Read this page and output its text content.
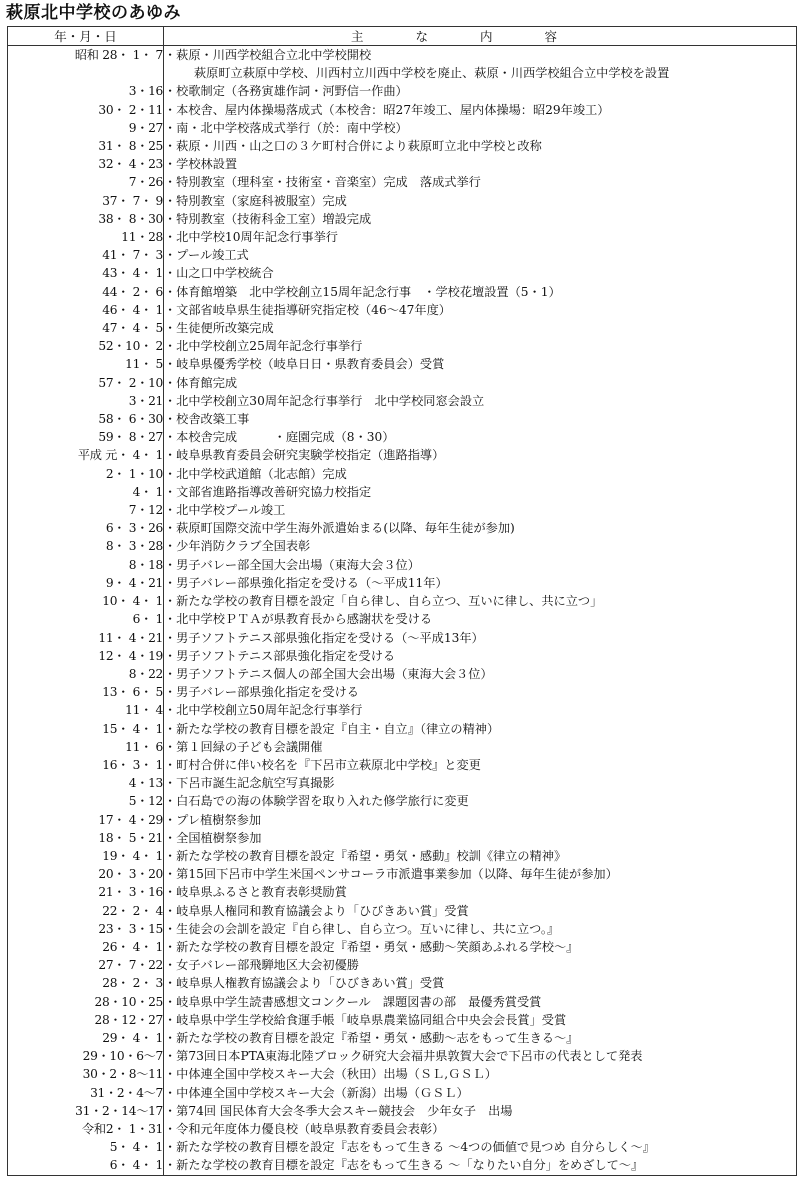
萩原北中学校のあゆみ
年・月・日	主な内容
昭和 28・ 1・ 7	・萩原・川西学校組合立北中学校開校
	萩原町立萩原中学校、川西村立川西中学校を廃止、萩原・川西学校組合立中学校を設置
3・16	・校歌制定（各務寅雄作詞・河野信一作曲）
30・ 2・11	・本校舎、屋内体操場落成式（本校舎：昭27年竣工、屋内体操場：昭29年竣工）
9・27	・南・北中学校落成式挙行（於：南中学校）
31・ 8・25	・萩原・川西・山之口の３ケ町村合併により萩原町立北中学校と改称
32・ 4・23	・学校林設置
7・26	・特別教室（理科室・技術室・音楽室）完成　落成式挙行
37・ 7・ 9	・特別教室（家庭科被服室）完成
38・ 8・30	・特別教室（技術科金工室）増設完成
11・28	・北中学校10周年記念行事挙行
41・ 7・ 3	・プール竣工式
43・ 4・ 1	・山之口中学校統合
44・ 2・ 6	・体育館増築　北中学校創立15周年記念行事　・学校花壇設置（5・1）
46・ 4・ 1	・文部省岐阜県生徒指導研究指定校（46〜47年度）
47・ 4・ 5	・生徒便所改築完成
52・10・ 2	・北中学校創立25周年記念行事挙行
11・ 5	・岐阜県優秀学校（岐阜日日・県教育委員会）受賞
57・ 2・10	・体育館完成
3・21	・北中学校創立30周年記念行事挙行　北中学校同窓会設立
58・ 6・30	・校舎改築工事
59・ 8・27	・本校舎完成　　　・庭園完成（8・30）
平成 元・ 4・ 1	・岐阜県教育委員会研究実験学校指定（進路指導）
2・ 1・10	・北中学校武道館（北志館）完成
4・ 1	・文部省進路指導改善研究協力校指定
7・12	・北中学校プール竣工
6・ 3・26	・萩原町国際交流中学生海外派遣始まる(以降、毎年生徒が参加)
8・ 3・28	・少年消防クラブ全国表彰
8・18	・男子バレー部全国大会出場（東海大会３位）
9・ 4・21	・男子バレー部県強化指定を受ける（〜平成11年）
10・ 4・ 1	・新たな学校の教育目標を設定「自ら律し、自ら立つ、互いに律し、共に立つ」
6・ 1	・北中学校ＰＴＡが県教育長から感謝状を受ける
11・ 4・21	・男子ソフトテニス部県強化指定を受ける（〜平成13年）
12・ 4・19	・男子ソフトテニス部県強化指定を受ける
8・22	・男子ソフトテニス個人の部全国大会出場（東海大会３位）
13・ 6・ 5	・男子バレー部県強化指定を受ける
11・ 4	・北中学校創立50周年記念行事挙行
15・ 4・ 1	・新たな学校の教育目標を設定『自主・自立』（律立の精神）
11・ 6	・第１回緑の子ども会議開催
16・ 3・ 1	・町村合併に伴い校名を『下呂市立萩原北中学校』と変更
4・13	・下呂市誕生記念航空写真撮影
5・12	・白石島での海の体験学習を取り入れた修学旅行に変更
17・ 4・29	・プレ植樹祭参加
18・ 5・21	・全国植樹祭参加
19・ 4・ 1	・新たな学校の教育目標を設定『希望・勇気・感動』校訓《律立の精神》
20・ 3・20	・第15回下呂市中学生米国ペンサコーラ市派遣事業参加（以降、毎年生徒が参加）
21・ 3・16	・岐阜県ふるさと教育表彰奨励賞
22・ 2・ 4	・岐阜県人権同和教育協議会より「ひびきあい賞」受賞
23・ 3・15	・生徒会の会訓を設定『自ら律し、自ら立つ。互いに律し、共に立つ。』
26・ 4・ 1	・新たな学校の教育目標を設定『希望・勇気・感動〜笑顔あふれる学校〜』
27・ 7・22	・女子バレー部飛騨地区大会初優勝
28・ 2・ 3	・岐阜県人権教育協議会より「ひびきあい賞」受賞
28・10・25	・岐阜県中学生読書感想文コンクール　課題図書の部　最優秀賞受賞
28・12・27	・岐阜県中学生学校給食運手帳「岐阜県農業協同組合中央会会長賞」受賞
29・ 4・ 1	・新たな学校の教育目標を設定『希望・勇気・感動〜志をもって生きる〜』
29・10・6〜7	・第73回日本PTA東海北陸ブロック研究大会福井県敦賀大会で下呂市の代表として発表
30・2・8〜11	・中体連全国中学校スキー大会（秋田）出場（ＳＬ,ＧＳＬ）
31・2・4〜7	・中体連全国中学校スキー大会（新潟）出場（ＧＳＬ）
31・2・14〜17	・第74回 国民体育大会冬季大会スキー競技会　少年女子　出場
令和2・ 1・31	・令和元年度体力優良校（岐阜県教育委員会表彰）
5・ 4・ 1	・新たな学校の教育目標を設定『志をもって生きる ～4つの価値で見つめ 自分らしく～』
6・ 4・ 1	・新たな学校の教育目標を設定『志をもって生きる ～「なりたい自分」をめざして～』
